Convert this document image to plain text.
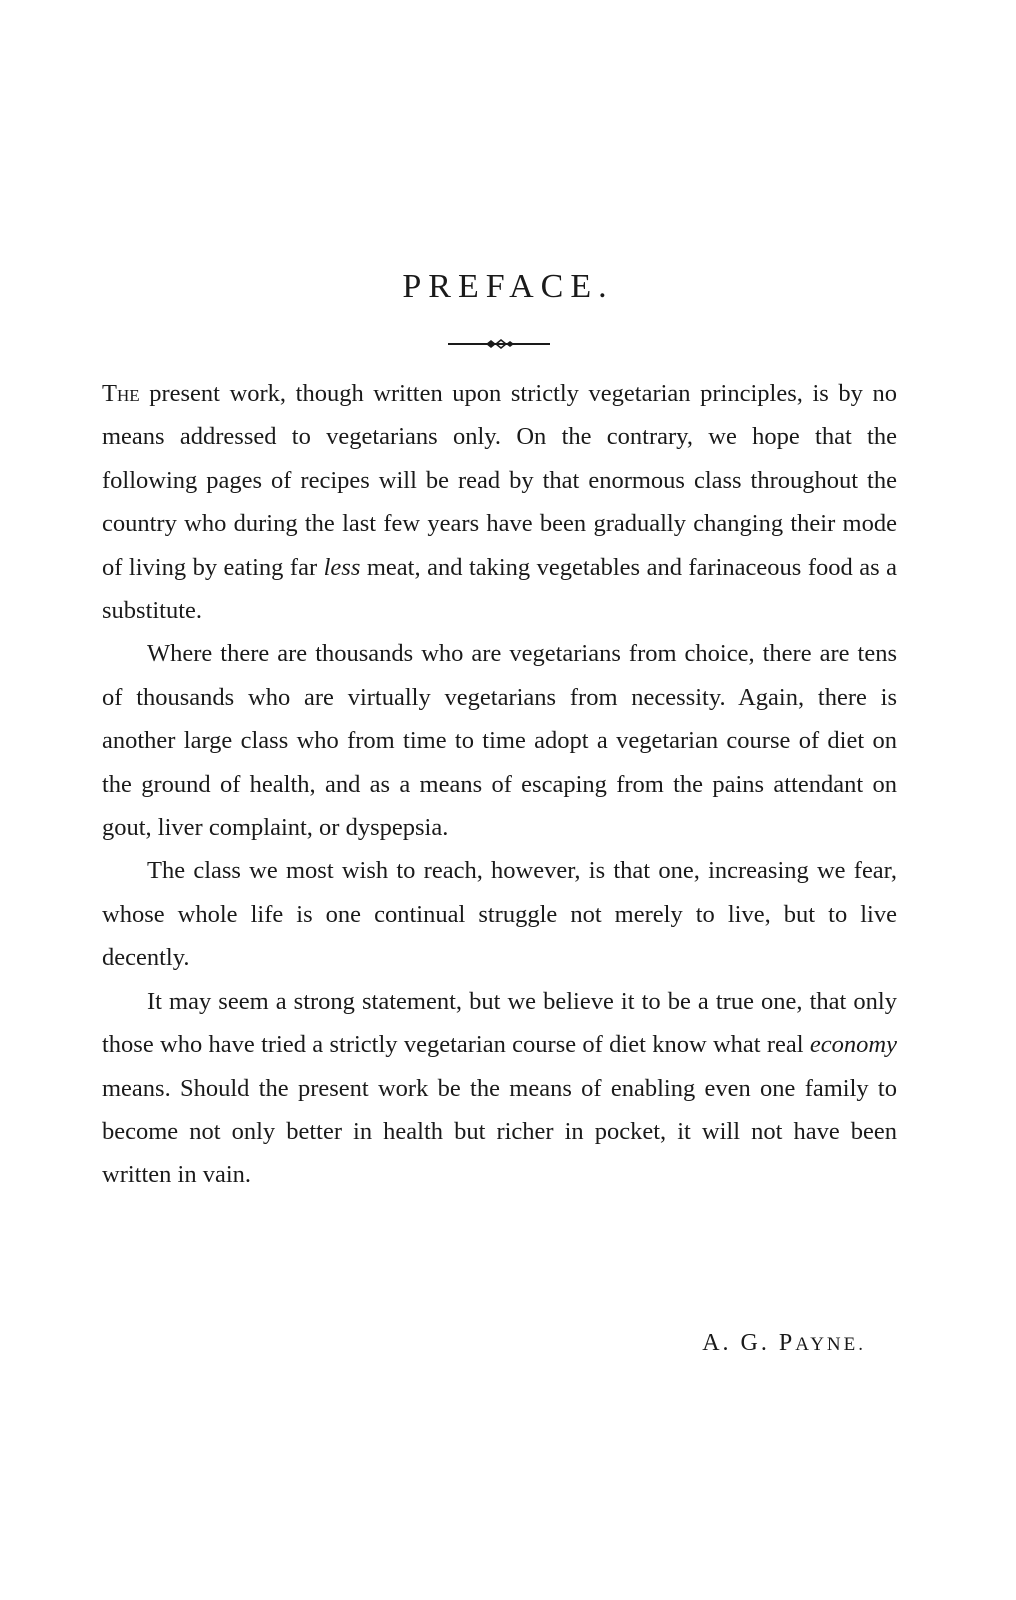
PREFACE.

The present work, though written upon strictly vegetarian principles, is by no means addressed to vegetarians only. On the contrary, we hope that the following pages of recipes will be read by that enormous class throughout the country who during the last few years have been gradually changing their mode of living by eating far less meat, and taking vegetables and farinaceous food as a substitute.

Where there are thousands who are vegetarians from choice, there are tens of thousands who are virtually vegetarians from necessity. Again, there is another large class who from time to time adopt a vegetarian course of diet on the ground of health, and as a means of escaping from the pains attendant on gout, liver complaint, or dyspepsia.

The class we most wish to reach, however, is that one, increasing we fear, whose whole life is one continual struggle not merely to live, but to live decently.

It may seem a strong statement, but we believe it to be a true one, that only those who have tried a strictly vegetarian course of diet know what real economy means. Should the present work be the means of enabling even one family to become not only better in health but richer in pocket, it will not have been written in vain.

A. G. PAYNE.
